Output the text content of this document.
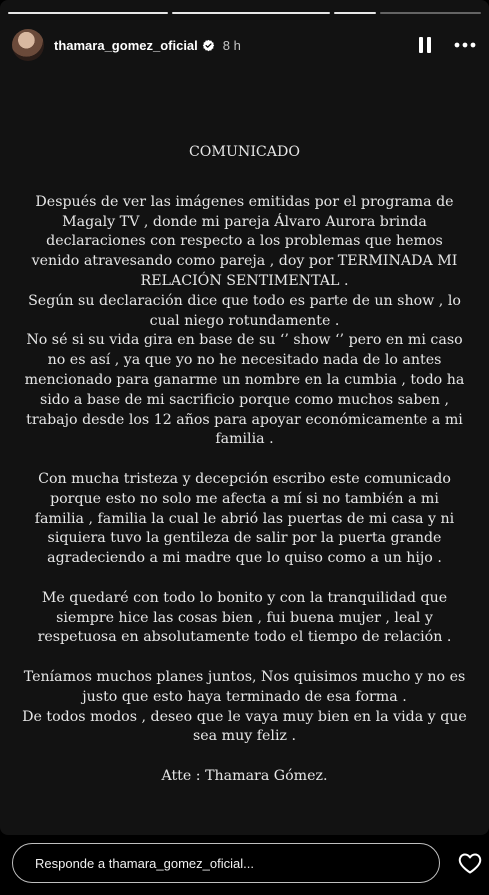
thamara_gomez_oficial 8 h

COMUNICADO

Después de ver las imágenes emitidas por el programa de
Magaly TV , donde mi pareja Álvaro Aurora brinda
declaraciones con respecto a los problemas que hemos
venido atravesando como pareja , doy por TERMINADA MI
RELACIÓN SENTIMENTAL .

Según su declaración dice que todo es parte de un show , lo
cual niego rotundamente .

No sé si su vida gira en base de su ‘’ show ‘’ pero en mi caso
no es así , ya que yo no he necesitado nada de lo antes
mencionado para ganarme un nombre en la cumbia , todo ha
sido a base de mi sacrificio porque como muchos saben ,
trabajo desde los 12 años para apoyar económicamente a mi
familia .

Con mucha tristeza y decepción escribo este comunicado
porque esto no solo me afecta a mí si no también a mi
familia , familia la cual le abrió las puertas de mi casa y ni
siquiera tuvo la gentileza de salir por la puerta grande
agradeciendo a mi madre que lo quiso como a un hijo .

Me quedaré con todo lo bonito y con la tranquilidad que
siempre hice las cosas bien , fui buena mujer , leal y
respetuosa en absolutamente todo el tiempo de relación .

Teníamos muchos planes juntos, Nos quisimos mucho y no es
justo que esto haya terminado de esa forma .

De todos modos , deseo que le vaya muy bien en la vida y que
sea muy feliz .

Atte : Thamara Gómez.

Responde a thamara_gomez_oficial...
